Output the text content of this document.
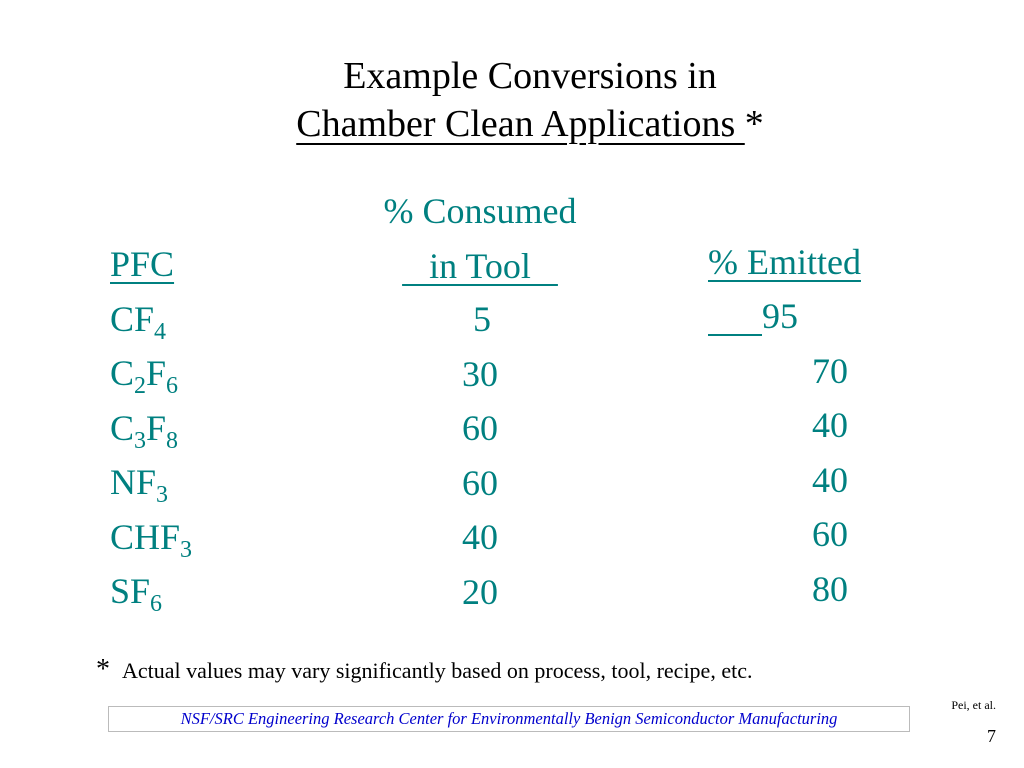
Example Conversions in
Chamber Clean Applications *
PFC
$CF_4$
$C_2F_6$
$C_3F_8$
$NF_3$
$CHF_3$
$SF_6$
% Consumed
in Tool
5
30
60
60
40
20
% Emitted
95
70
40
40
60
80
* Actual values may vary significantly based on process, tool, recipe, etc.
Pei, et al.
NSF/SRC Engineering Research Center for Environmentally Benign Semiconductor Manufacturing
7
